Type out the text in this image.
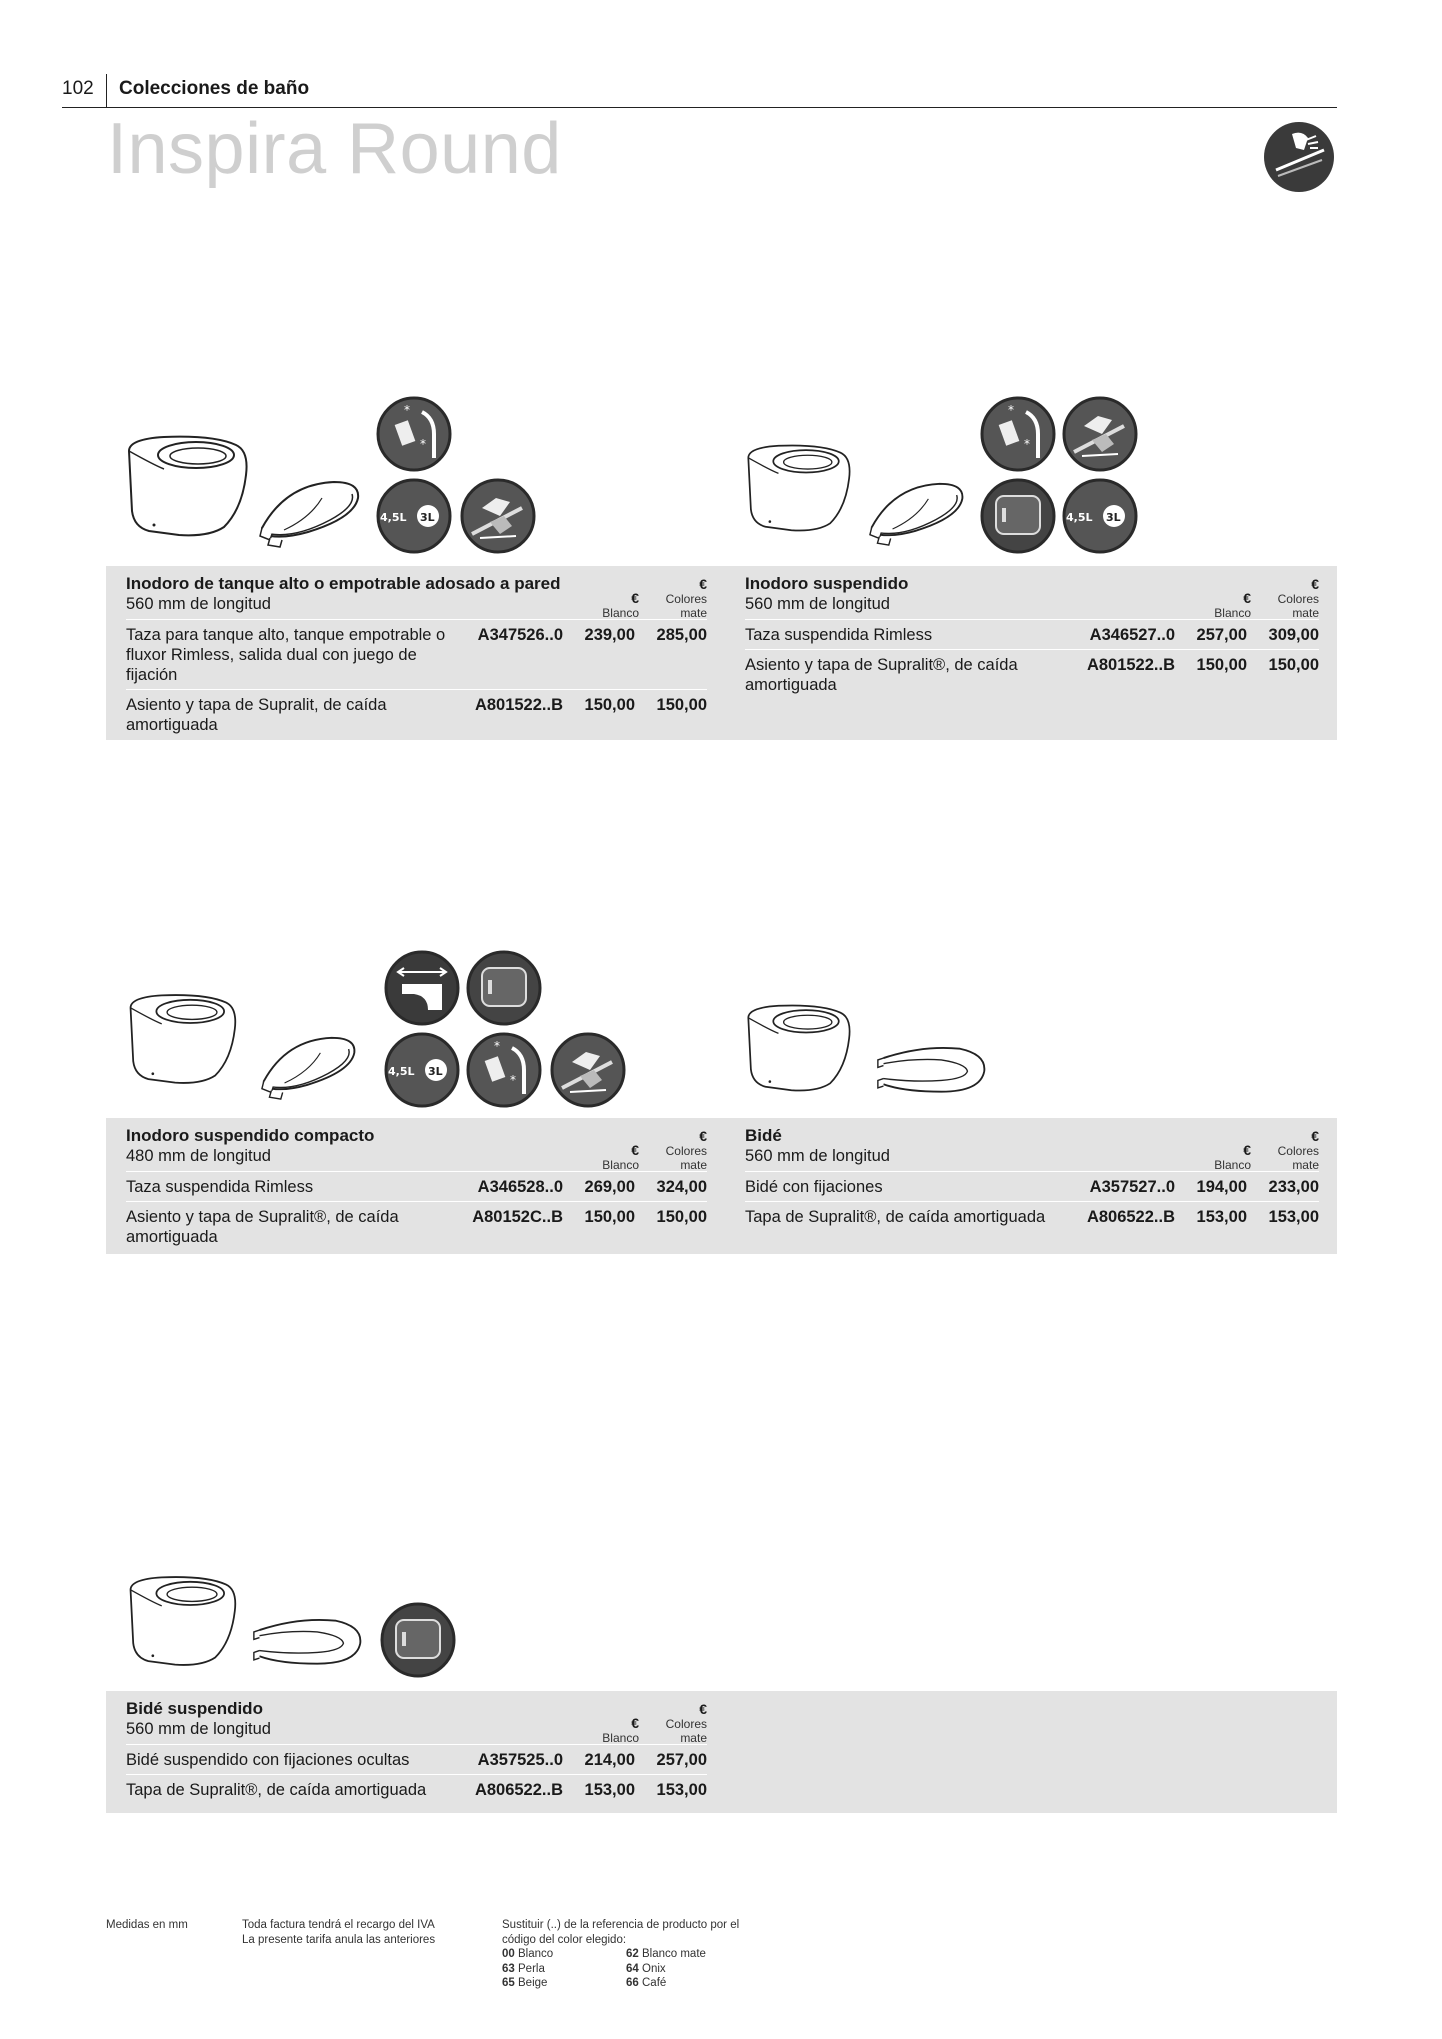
102 Colecciones de baño
Inspira Round
4,5L 3L	4,5L 3L
4,5L 3L
Inodoro de tanque alto o empotrable adosado a pared
560 mm de longitud	€
Blanco
€
Colores
mate
Taza para tanque alto, tanque empotrable o fluxor Rimless, salida dual con juego de fijación
A347526..0	239,00	285,00
Asiento y tapa de Supralit, de caída amortiguada
A801522..B	150,00	150,00
Inodoro suspendido
560 mm de longitud	€
Blanco
€
Colores
mate
Taza suspendida Rimless	A346527..0	257,00	309,00
Asiento y tapa de Supralit®, de caída amortiguada
A801522..B	150,00	150,00
Inodoro suspendido compacto
480 mm de longitud	€
Blanco
€
Colores
mate
Taza suspendida Rimless	A346528..0	269,00	324,00
Asiento y tapa de Supralit®, de caída amortiguada
A80152C..B	150,00	150,00
Bidé
560 mm de longitud	€
Blanco
€
Colores
mate
Bidé con fijaciones	A357527..0	194,00	233,00
Tapa de Supralit®, de caída amortiguada	A806522..B	153,00	153,00
Bidé suspendido
560 mm de longitud	€
Blanco
€
Colores
mate
Bidé suspendido con fijaciones ocultas	A357525..0	214,00	257,00
Tapa de Supralit®, de caída amortiguada	A806522..B	153,00	153,00
Medidas en mm	Toda factura tendrá el recargo del IVA
La presente tarifa anula las anteriores
Sustituir (..) de la referencia de producto por el código del color elegido:
00 Blanco	62 Blanco mate
63 Perla	64 Onix
65 Beige	66 Café
